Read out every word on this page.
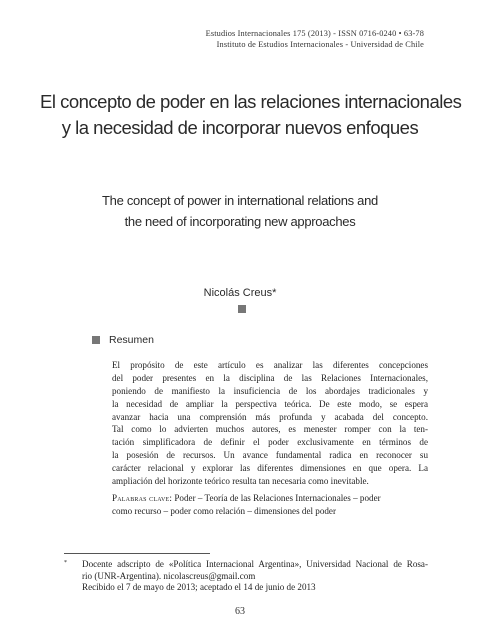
Estudios Internacionales 175 (2013) - ISSN 0716-0240 • 63-78
Instituto de Estudios Internacionales - Universidad de Chile
El concepto de poder en las relaciones internacionales
y la necesidad de incorporar nuevos enfoques
The concept of power in international relations and
the need of incorporating new approaches
Nicolás Creus*
Resumen
El propósito de este artículo es analizar las diferentes concepciones
del poder presentes en la disciplina de las Relaciones Internacionales,
poniendo de manifiesto la insuficiencia de los abordajes tradicionales y
la necesidad de ampliar la perspectiva teórica. De este modo, se espera
avanzar hacia una comprensión más profunda y acabada del concepto.
Tal como lo advierten muchos autores, es menester romper con la ten-
tación simplificadora de definir el poder exclusivamente en términos de
la posesión de recursos. Un avance fundamental radica en reconocer su
carácter relacional y explorar las diferentes dimensiones en que opera. La
ampliación del horizonte teórico resulta tan necesaria como inevitable.
Palabras clave: Poder – Teoría de las Relaciones Internacionales – poder
como recurso – poder como relación – dimensiones del poder
* Docente adscripto de «Política Internacional Argentina», Universidad Nacional de Rosa-
rio (UNR-Argentina). nicolascreus@gmail.com
Recibido el 7 de mayo de 2013; aceptado el 14 de junio de 2013
63
